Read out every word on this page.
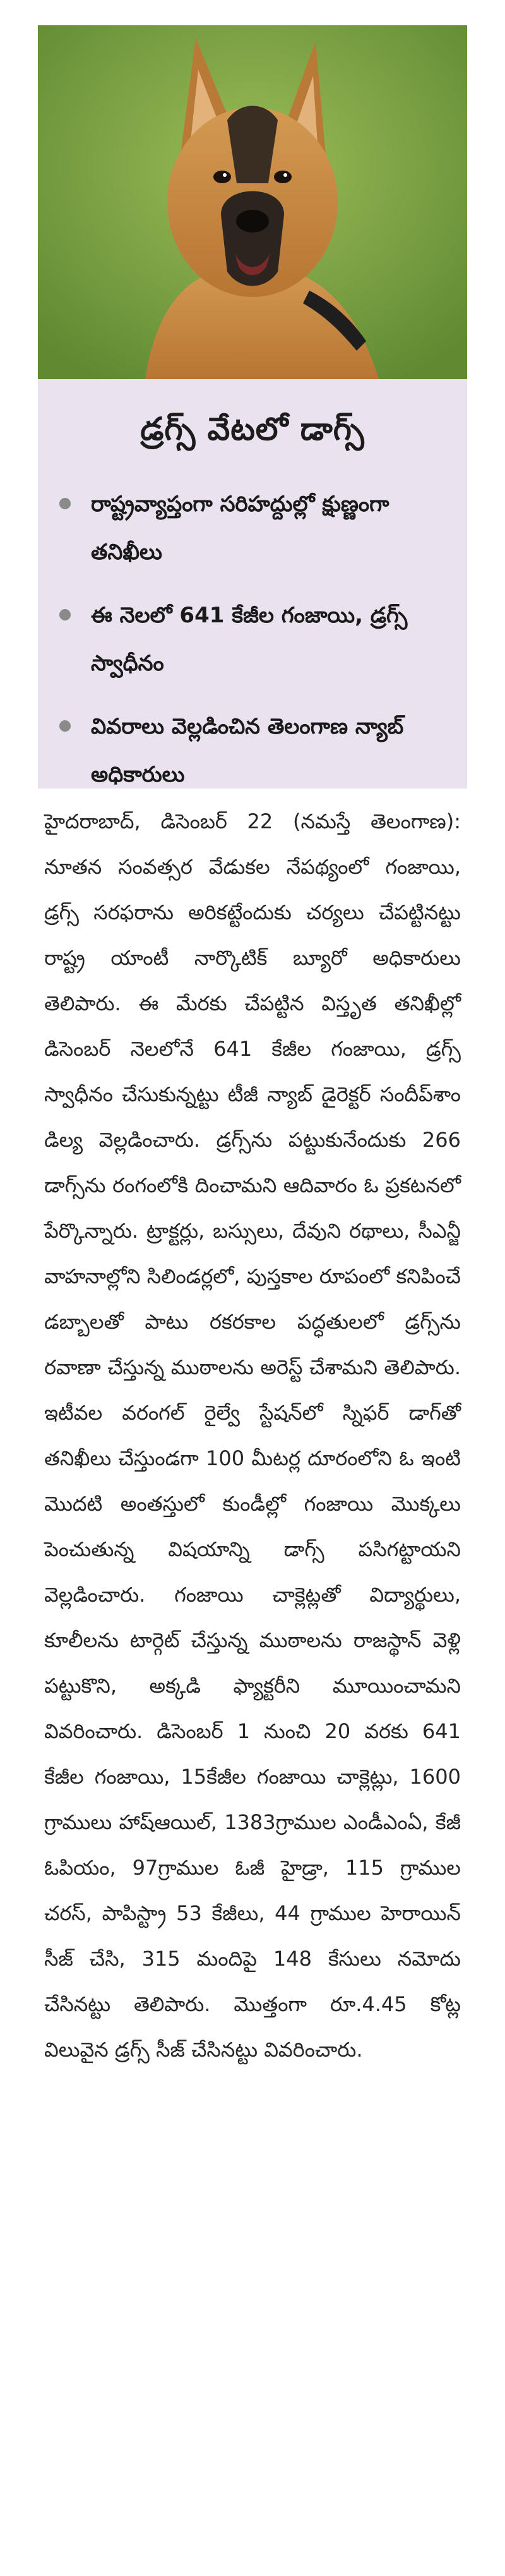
డ్రగ్స్ వేటలో డాగ్స్
రాష్ట్రవ్యాప్తంగా సరిహద్దుల్లో క్షుణ్ణంగా తనిఖీలు
ఈ నెలలో 641 కేజీల గంజాయి, డ్రగ్స్ స్వాధీనం
వివరాలు వెల్లడించిన తెలంగాణ న్యాబ్ అధికారులు
హైదరాబాద్, డిసెంబర్ 22 (నమస్తే తెలంగాణ): నూతన సంవత్సర వేడుకల నేపథ్యంలో గంజాయి, డ్రగ్స్ సరఫరాను అరికట్టేందుకు చర్యలు చేపట్టినట్టు రాష్ట్ర యాంటీ నార్కొటిక్ బ్యూరో అధికారులు తెలిపారు. ఈ మేరకు చేపట్టిన విస్తృత తనిఖీల్లో డిసెంబర్ నెలలోనే 641 కేజీల గంజాయి, డ్రగ్స్ స్వాధీనం చేసుకున్నట్టు టీజీ న్యాబ్ డైరెక్టర్ సందీప్‌శాం డిల్య వెల్లడించారు. డ్రగ్స్‌ను పట్టుకునేందుకు 266 డాగ్స్‌ను రంగంలోకి దించామని ఆదివారం ఓ ప్రకటనలో పేర్కొన్నారు. ట్రాక్టర్లు, బస్సులు, దేవుని రథాలు, సీఎన్జీ వాహనాల్లోని సిలిండర్లలో, పుస్తకాల రూపంలో కనిపించే డబ్బాలతో పాటు రకరకాల పద్ధతులలో డ్రగ్స్‌ను రవాణా చేస్తున్న ముఠాలను అరెస్ట్ చేశామని తెలిపారు. ఇటీవల వరంగల్ రైల్వే స్టేషన్‌లో స్నిఫర్ డాగ్‌తో తనిఖీలు చేస్తుండగా 100 మీటర్ల దూరంలోని ఓ ఇంటి మొదటి అంతస్తులో కుండీల్లో గంజాయి మొక్కలు పెంచుతున్న విషయాన్ని డాగ్స్ పసిగట్టాయని వెల్లడించారు. గంజాయి చాక్లెట్లతో విద్యార్థులు, కూలీలను టార్గెట్ చేస్తున్న ముఠాలను రాజస్థాన్ వెళ్లి పట్టుకొని, అక్కడి ఫ్యాక్టరీని మూయించామని వివరించారు. డిసెంబర్ 1 నుంచి 20 వరకు 641 కేజీల గంజాయి, 15కేజీల గంజాయి చాక్లెట్లు, 1600 గ్రాములు హాష్‌ఆయిల్, 1383గ్రాముల ఎండీఎంఏ, కేజీ ఓపియం, 97గ్రాముల ఓజీ హైడ్రా, 115 గ్రాముల చరస్, పాపిస్ట్రా 53 కేజీలు, 44 గ్రాముల హెరాయిన్ సీజ్ చేసి, 315 మందిపై 148 కేసులు నమోదు చేసినట్టు తెలిపారు. మొత్తంగా రూ.4.45 కోట్ల విలువైన డ్రగ్స్ సీజ్ చేసినట్టు వివరించారు.
